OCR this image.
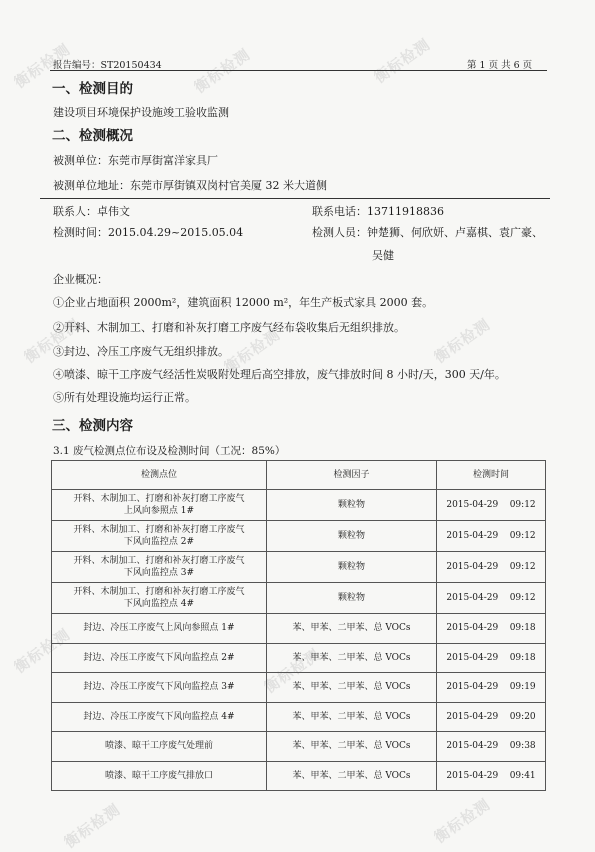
衡标检测	衡标检测	衡标检测
衡标检测	衡标检测	衡标检测
衡标检测	衡标检测
衡标检测	衡标检测
报告编号：ST20150434	第 1 页 共 6 页
一、检测目的
建设项目环境保护设施竣工验收监测
二、检测概况
被测单位：东莞市厚街富洋家具厂
被测单位地址：东莞市厚街镇双岗村官美厦 32 米大道侧
联系人：卓伟文	联系电话：13711918836
检测时间：2015.04.29~2015.05.04	检测人员：钟楚狮、何欣妍、卢嘉棋、袁广豪、
吴健
企业概况：
①企业占地面积 2000m²，建筑面积 12000 m²，年生产板式家具 2000 套。
②开料、木制加工、打磨和补灰打磨工序废气经布袋收集后无组织排放。
③封边、冷压工序废气无组织排放。
④喷漆、晾干工序废气经活性炭吸附处理后高空排放，废气排放时间 8 小时/天，300 天/年。
⑤所有处理设施均运行正常。
三、检测内容
3.1 废气检测点位布设及检测时间（工况：85%）
检测点位	检测因子	检测时间

开料、木制加工、打磨和补灰打磨工序废气
上风向参照点 1#	颗粒物	2015-04-29 09:12

开料、木制加工、打磨和补灰打磨工序废气
下风向监控点 2#	颗粒物	2015-04-29 09:12

开料、木制加工、打磨和补灰打磨工序废气
下风向监控点 3#	颗粒物	2015-04-29 09:12

开料、木制加工、打磨和补灰打磨工序废气
下风向监控点 4#	颗粒物	2015-04-29 09:12
封边、冷压工序废气上风向参照点 1#	苯、甲苯、二甲苯、总 VOCs	2015-04-29 09:18
封边、冷压工序废气下风向监控点 2#	苯、甲苯、二甲苯、总 VOCs	2015-04-29 09:18
封边、冷压工序废气下风向监控点 3#	苯、甲苯、二甲苯、总 VOCs	2015-04-29 09:19
封边、冷压工序废气下风向监控点 4#	苯、甲苯、二甲苯、总 VOCs	2015-04-29 09:20
喷漆、晾干工序废气处理前	苯、甲苯、二甲苯、总 VOCs	2015-04-29 09:38
喷漆、晾干工序废气排放口	苯、甲苯、二甲苯、总 VOCs	2015-04-29 09:41
